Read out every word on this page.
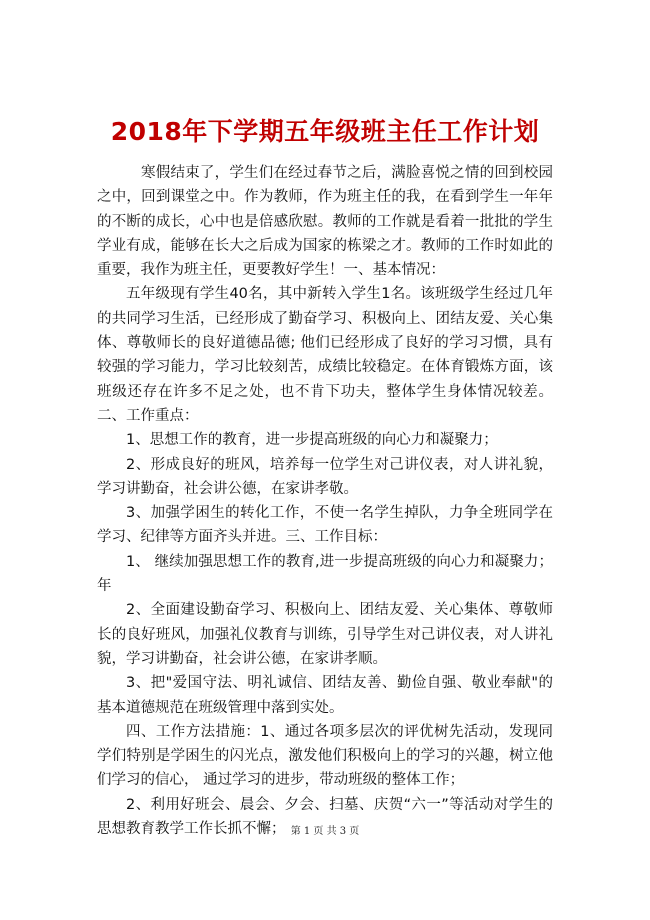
2018年下学期五年级班主任工作计划

寒假结束了，学生们在经过春节之后，满脸喜悦之情的回到校园之中，回到课堂之中。作为教师，作为班主任的我，在看到学生一年年的不断的成长，心中也是倍感欣慰。教师的工作就是看着一批批的学生学业有成，能够在长大之后成为国家的栋梁之才。教师的工作时如此的重要，我作为班主任，更要教好学生！一、基本情况：

五年级现有学生40名，其中新转入学生1名。该班级学生经过几年的共同学习生活，已经形成了勤奋学习、积极向上、团结友爱、关心集体、尊敬师长的良好道德品德; 他们已经形成了良好的学习习惯，具有较强的学习能力，学习比较刻苦，成绩比较稳定。在体育锻炼方面，该班级还存在许多不足之处，也不肯下功夫，整体学生身体情况较差。二、工作重点：

1、思想工作的教育，进一步提高班级的向心力和凝聚力；

2、形成良好的班风，培养每一位学生对己讲仪表，对人讲礼貌，学习讲勤奋，社会讲公德，在家讲孝敬。

3、加强学困生的转化工作，不使一名学生掉队，力争全班同学在学习、纪律等方面齐头并进。三、工作目标：

1、 继续加强思想工作的教育,进一步提高班级的向心力和凝聚力；年

2、全面建设勤奋学习、积极向上、团结友爱、关心集体、尊敬师长的良好班风，加强礼仪教育与训练，引导学生对己讲仪表，对人讲礼貌，学习讲勤奋，社会讲公德，在家讲孝顺。

3、把"爱国守法、明礼诚信、团结友善、勤俭自强、敬业奉献"的基本道德规范在班级管理中落到实处。

四、工作方法措施：1、通过各项多层次的评优树先活动，发现同学们特别是学困生的闪光点，激发他们积极向上的学习的兴趣，树立他们学习的信心， 通过学习的进步，带动班级的整体工作；

2、利用好班会、晨会、夕会、扫墓、庆贺“六一”等活动对学生的思想教育教学工作长抓不懈； 第 1 页 共 3 页
